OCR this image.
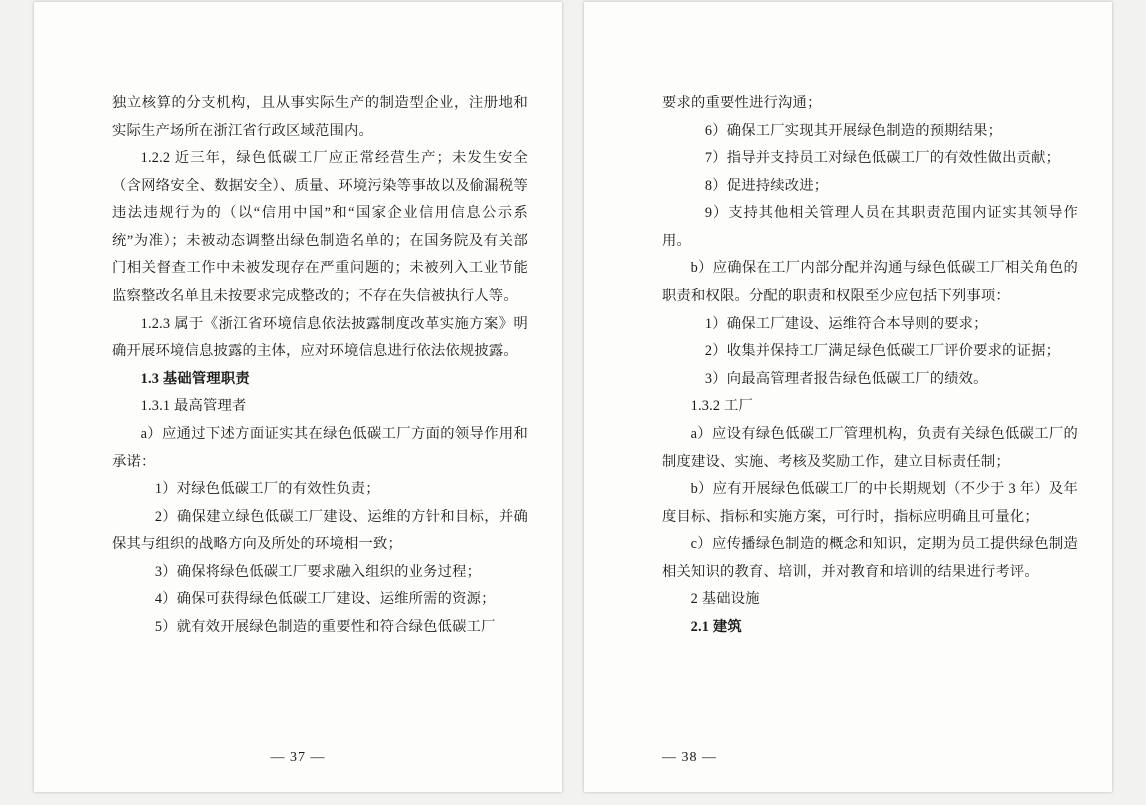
独立核算的分支机构，且从事实际生产的制造型企业，注册地和实际生产场所在浙江省行政区域范围内。

1.2.2 近三年，绿色低碳工厂应正常经营生产；未发生安全（含网络安全、数据安全）、质量、环境污染等事故以及偷漏税等违法违规行为的（以“信用中国”和“国家企业信用信息公示系统”为准）；未被动态调整出绿色制造名单的；在国务院及有关部门相关督查工作中未被发现存在严重问题的；未被列入工业节能监察整改名单且未按要求完成整改的；不存在失信被执行人等。

1.2.3 属于《浙江省环境信息依法披露制度改革实施方案》明确开展环境信息披露的主体，应对环境信息进行依法依规披露。

1.3 基础管理职责

1.3.1 最高管理者

a）应通过下述方面证实其在绿色低碳工厂方面的领导作用和承诺：

1）对绿色低碳工厂的有效性负责；

2）确保建立绿色低碳工厂建设、运维的方针和目标，并确保其与组织的战略方向及所处的环境相一致；

3）确保将绿色低碳工厂要求融入组织的业务过程；

4）确保可获得绿色低碳工厂建设、运维所需的资源；

5）就有效开展绿色制造的重要性和符合绿色低碳工厂

— 37 —

要求的重要性进行沟通；

6）确保工厂实现其开展绿色制造的预期结果；

7）指导并支持员工对绿色低碳工厂的有效性做出贡献；

8）促进持续改进；

9）支持其他相关管理人员在其职责范围内证实其领导作用。

b）应确保在工厂内部分配并沟通与绿色低碳工厂相关角色的职责和权限。分配的职责和权限至少应包括下列事项：

1）确保工厂建设、运维符合本导则的要求；

2）收集并保持工厂满足绿色低碳工厂评价要求的证据；

3）向最高管理者报告绿色低碳工厂的绩效。

1.3.2 工厂

a）应设有绿色低碳工厂管理机构，负责有关绿色低碳工厂的制度建设、实施、考核及奖励工作，建立目标责任制；

b）应有开展绿色低碳工厂的中长期规划（不少于 3 年）及年度目标、指标和实施方案，可行时，指标应明确且可量化；

c）应传播绿色制造的概念和知识，定期为员工提供绿色制造相关知识的教育、培训，并对教育和培训的结果进行考评。

2 基础设施

2.1 建筑

— 38 —
